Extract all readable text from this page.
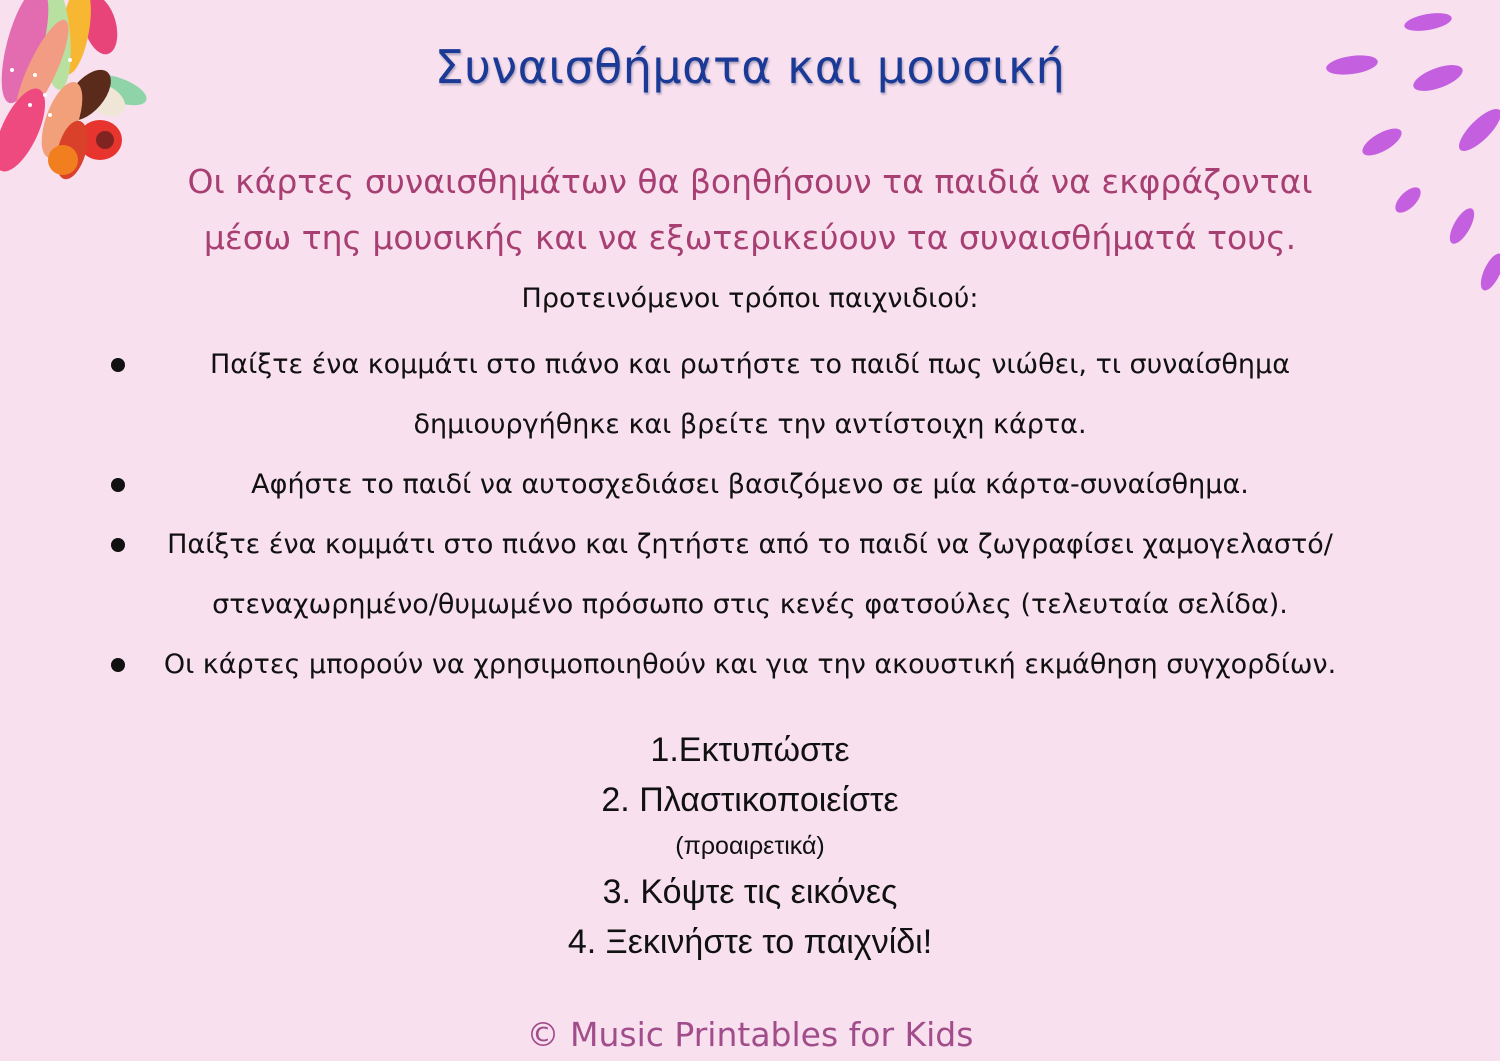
Συναισθήματα και μουσική

Οι κάρτες συναισθημάτων θα βοηθήσουν τα παιδιά να εκφράζονται
μέσω της μουσικής και να εξωτερικεύουν τα συναισθήματά τους.

Προτεινόμενοι τρόποι παιχνιδιού:

Παίξτε ένα κομμάτι στο πιάνο και ρωτήστε το παιδί πως νιώθει, τι συναίσθημα
δημιουργήθηκε και βρείτε την αντίστοιχη κάρτα.
Αφήστε το παιδί να αυτοσχεδιάσει βασιζόμενο σε μία κάρτα-συναίσθημα.
Παίξτε ένα κομμάτι στο πιάνο και ζητήστε από το παιδί να ζωγραφίσει χαμογελαστό/
στεναχωρημένο/θυμωμένο πρόσωπο στις κενές φατσούλες (τελευταία σελίδα).
Οι κάρτες μπορούν να χρησιμοποιηθούν και για την ακουστική εκμάθηση συγχορδίων.
1.Εκτυπώστε
2. Πλαστικοποιείστε
(προαιρετικά)
3. Κόψτε τις εικόνες
4. Ξεκινήστε το παιχνίδι!
© Music Printables for Kids
